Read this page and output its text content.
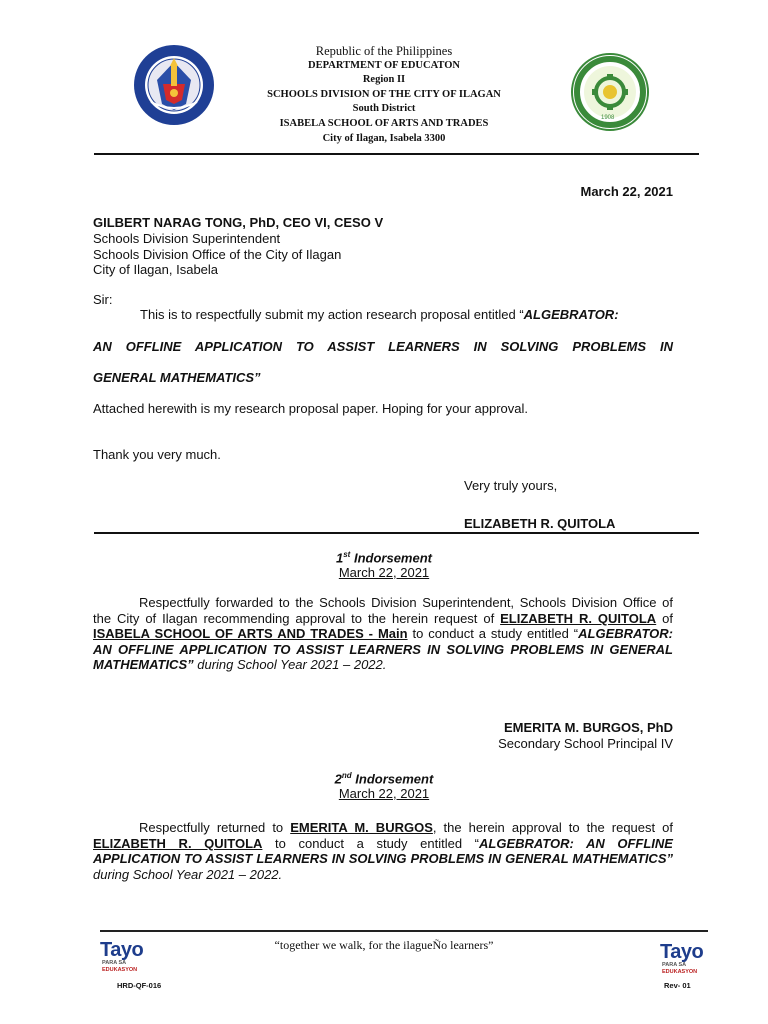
Republic of the Philippines
DEPARTMENT OF EDUCATON
Region II
SCHOOLS DIVISION OF THE CITY OF ILAGAN
South District
ISABELA SCHOOL OF ARTS AND TRADES
City of Ilagan, Isabela 3300
1908
March 22, 2021
GILBERT NARAG TONG, PhD, CEO VI, CESO V
Schools Division Superintendent
Schools Division Office of the City of Ilagan
City of Ilagan, Isabela
Sir:
This is to respectfully submit my action research proposal entitled “ALGEBRATOR:
AN OFFLINE APPLICATION TO ASSIST LEARNERS IN SOLVING PROBLEMS IN
GENERAL MATHEMATICS”
Attached herewith is my research proposal paper. Hoping for your approval.
Thank you very much.
Very truly yours,
ELIZABETH R. QUITOLA
1st Indorsement
March 22, 2021
Respectfully forwarded to the Schools Division Superintendent, Schools Division Office of the City of Ilagan recommending approval to the herein request of ELIZABETH R. QUITOLA of ISABELA SCHOOL OF ARTS AND TRADES - Main to conduct a study entitled “ALGEBRATOR: AN OFFLINE APPLICATION TO ASSIST LEARNERS IN SOLVING PROBLEMS IN GENERAL MATHEMATICS” during School Year 2021 – 2022.
EMERITA M. BURGOS, PhD
Secondary School Principal IV
2nd Indorsement
March 22, 2021
Respectfully returned to EMERITA M. BURGOS, the herein approval to the request of ELIZABETH R. QUITOLA to conduct a study entitled “ALGEBRATOR: AN OFFLINE APPLICATION TO ASSIST LEARNERS IN SOLVING PROBLEMS IN GENERAL MATHEMATICS” during School Year 2021 – 2022.
“together we walk, for the ilagueÑo learners”
Tayo
PARA SA
EDUKASYON
HRD-QF-016
Tayo
PARA SA
EDUKASYON
Rev- 01
